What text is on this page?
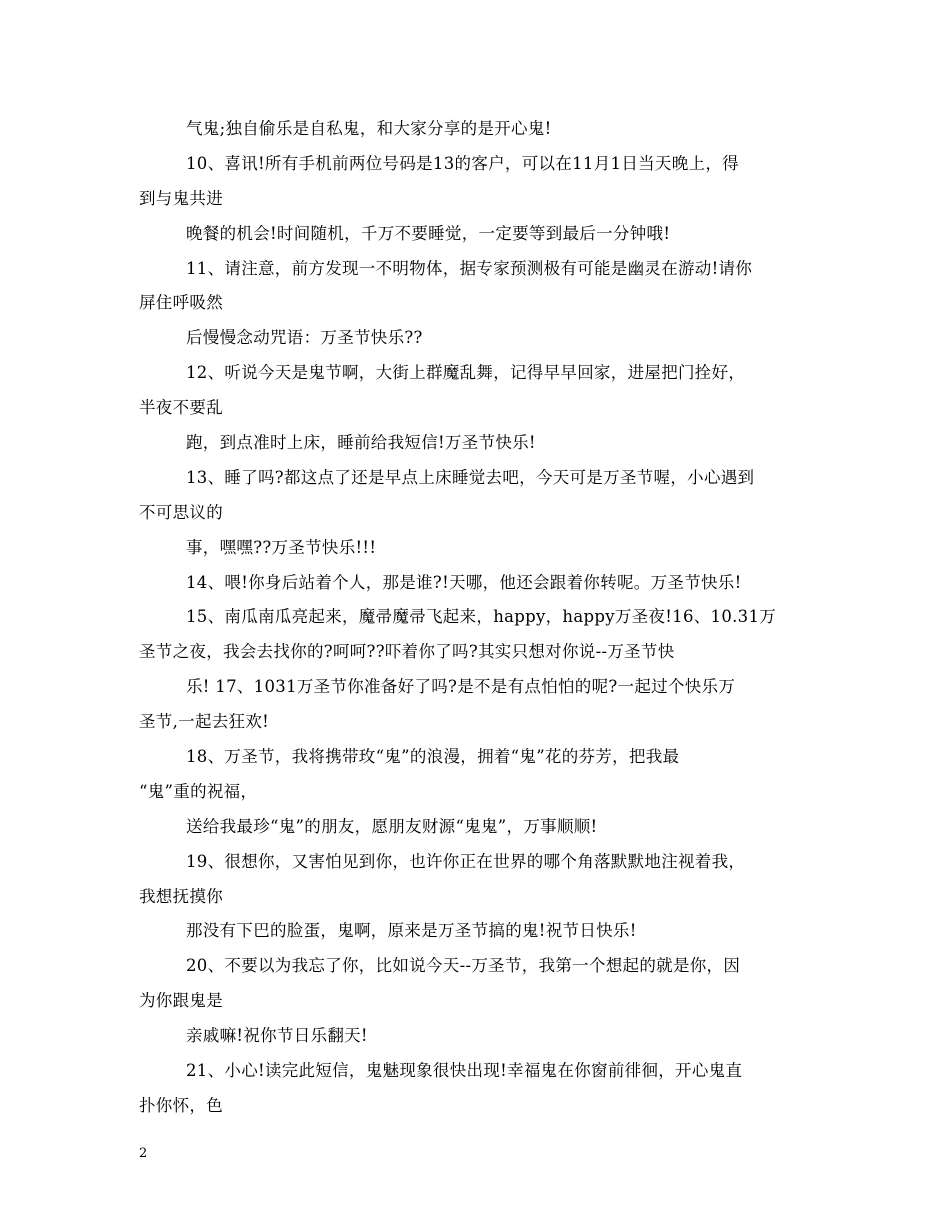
气鬼;独自偷乐是自私鬼，和大家分享的是开心鬼!
10、喜讯!所有手机前两位号码是13的客户，可以在11月1日当天晚上，得
到与鬼共进
晚餐的机会!时间随机，千万不要睡觉，一定要等到最后一分钟哦!
11、请注意，前方发现一不明物体，据专家预测极有可能是幽灵在游动!请你
屏住呼吸然
后慢慢念动咒语：万圣节快乐??
12、听说今天是鬼节啊，大街上群魔乱舞，记得早早回家，进屋把门拴好，
半夜不要乱
跑，到点准时上床，睡前给我短信!万圣节快乐!
13、睡了吗?都这点了还是早点上床睡觉去吧，今天可是万圣节喔，小心遇到
不可思议的
事，嘿嘿??万圣节快乐!!!
14、喂!你身后站着个人，那是谁?!天哪，他还会跟着你转呢。万圣节快乐!
15、南瓜南瓜亮起来，魔帚魔帚飞起来，happy，happy万圣夜!16、10.31万
圣节之夜，我会去找你的?呵呵??吓着你了吗?其实只想对你说--万圣节快
乐! 17、1031万圣节你准备好了吗?是不是有点怕怕的呢?一起过个快乐万
圣节,一起去狂欢!
18、万圣节，我将携带玫“鬼”的浪漫，拥着“鬼”花的芬芳，把我最
“鬼”重的祝福，
送给我最珍“鬼”的朋友，愿朋友财源“鬼鬼”，万事顺顺!
19、很想你，又害怕见到你，也许你正在世界的哪个角落默默地注视着我，
我想抚摸你
那没有下巴的脸蛋，鬼啊，原来是万圣节搞的鬼!祝节日快乐!
20、不要以为我忘了你，比如说今天--万圣节，我第一个想起的就是你，因
为你跟鬼是
亲戚嘛!祝你节日乐翻天!
21、小心!读完此短信，鬼魅现象很快出现!幸福鬼在你窗前徘徊，开心鬼直
扑你怀，色
2
